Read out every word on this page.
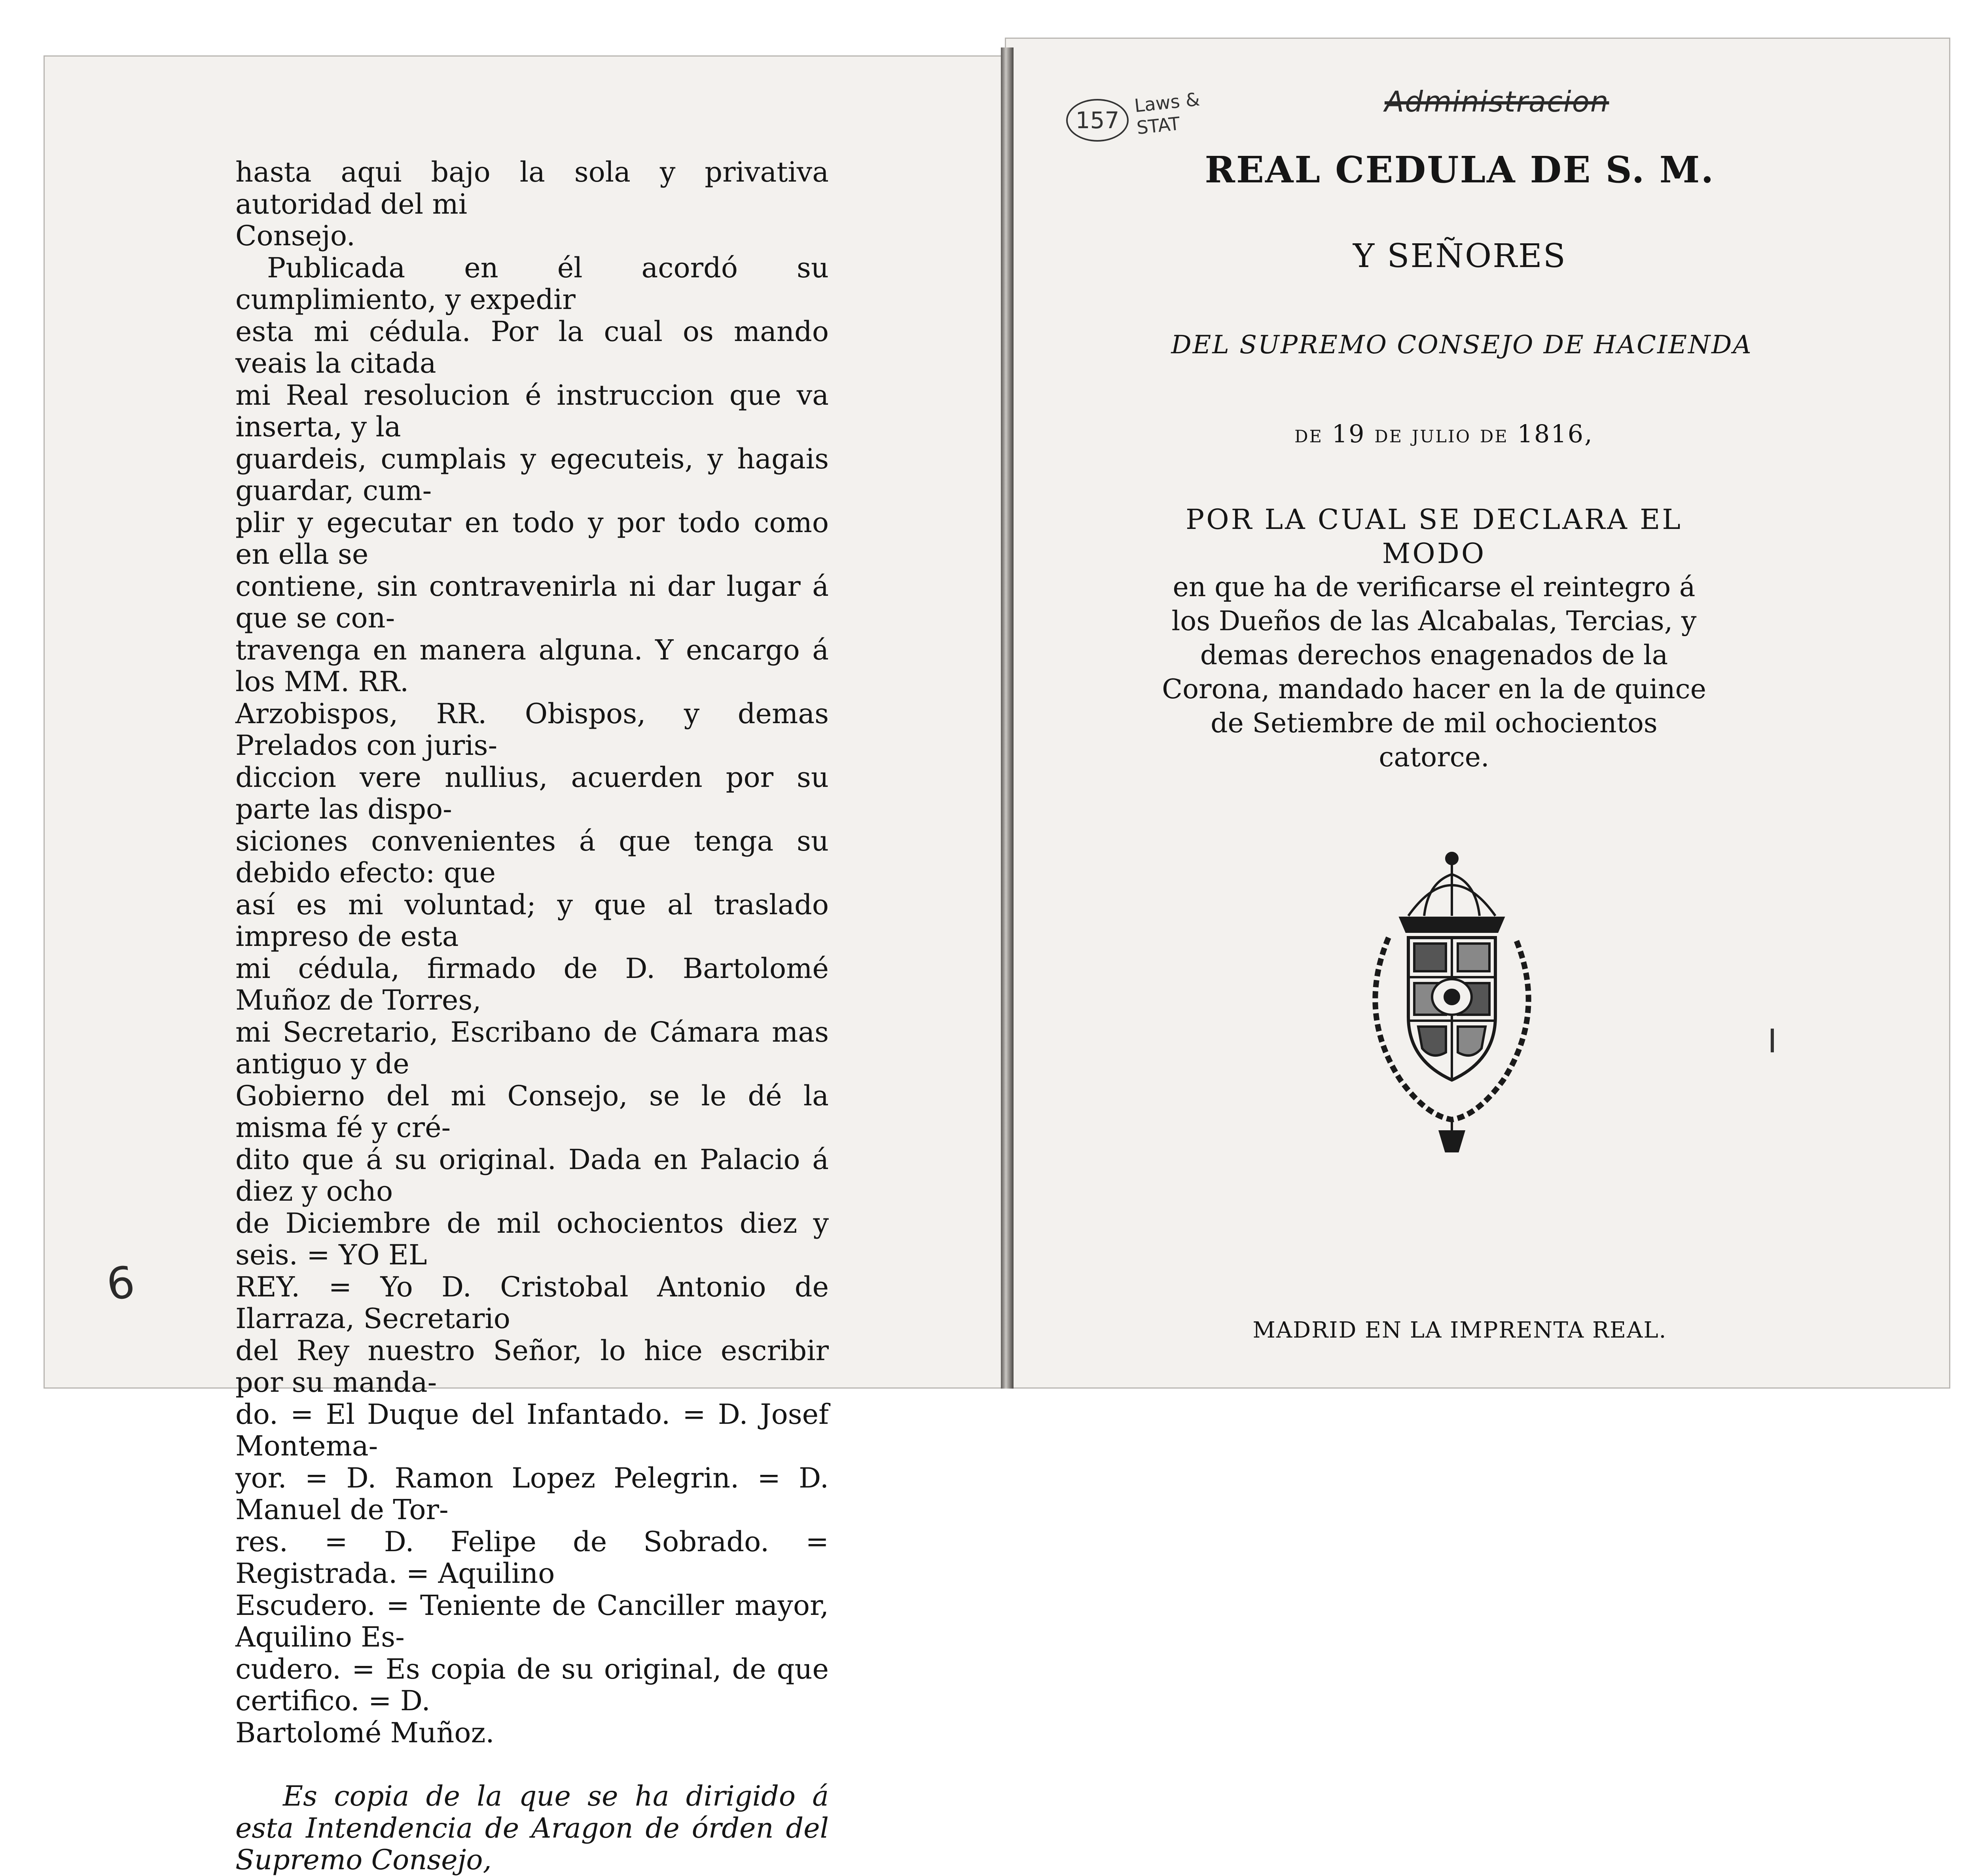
hasta aqui bajo la sola y privativa autoridad del mi

Consejo.

Publicada en él acordó su cumplimiento, y expedir

esta mi cédula. Por la cual os mando veais la citada

mi Real resolucion é instruccion que va inserta, y la

guardeis, cumplais y egecuteis, y hagais guardar, cum-

plir y egecutar en todo y por todo como en ella se

contiene, sin contravenirla ni dar lugar á que se con-

travenga en manera alguna. Y encargo á los MM. RR.

Arzobispos, RR. Obispos, y demas Prelados con juris-

diccion vere nullius, acuerden por su parte las dispo-

siciones convenientes á que tenga su debido efecto: que

así es mi voluntad; y que al traslado impreso de esta

mi cédula, firmado de D. Bartolomé Muñoz de Torres,

mi Secretario, Escribano de Cámara mas antiguo y de

Gobierno del mi Consejo, se le dé la misma fé y cré-

dito que á su original. Dada en Palacio á diez y ocho

de Diciembre de mil ochocientos diez y seis. = YO EL

REY. = Yo D. Cristobal Antonio de Ilarraza, Secretario

del Rey nuestro Señor, lo hice escribir por su manda-

do. = El Duque del Infantado. = D. Josef Montema-

yor. = D. Ramon Lopez Pelegrin. = D. Manuel de Tor-

res. = D. Felipe de Sobrado. = Registrada. = Aquilino

Escudero. = Teniente de Canciller mayor, Aquilino Es-

cudero. = Es copia de su original, de que certifico. = D.

Bartolomé Muñoz.

Es copia de la que se ha dirigido á esta Intendencia de Aragon de órden del Supremo Consejo,

6
157
Laws & STAT
Administracion
REAL CEDULA DE S. M.
Y SEÑORES
DEL SUPREMO CONSEJO DE HACIENDA
de 19 de julio de 1816,
POR LA CUAL SE DECLARA EL MODO
en que ha de verificarse el reintegro á los Dueños de las Alcabalas, Tercias, y demas derechos enagenados de la Corona, mandado hacer en la de quince de Setiembre de mil ochocientos catorce.
MADRID EN LA IMPRENTA REAL.
